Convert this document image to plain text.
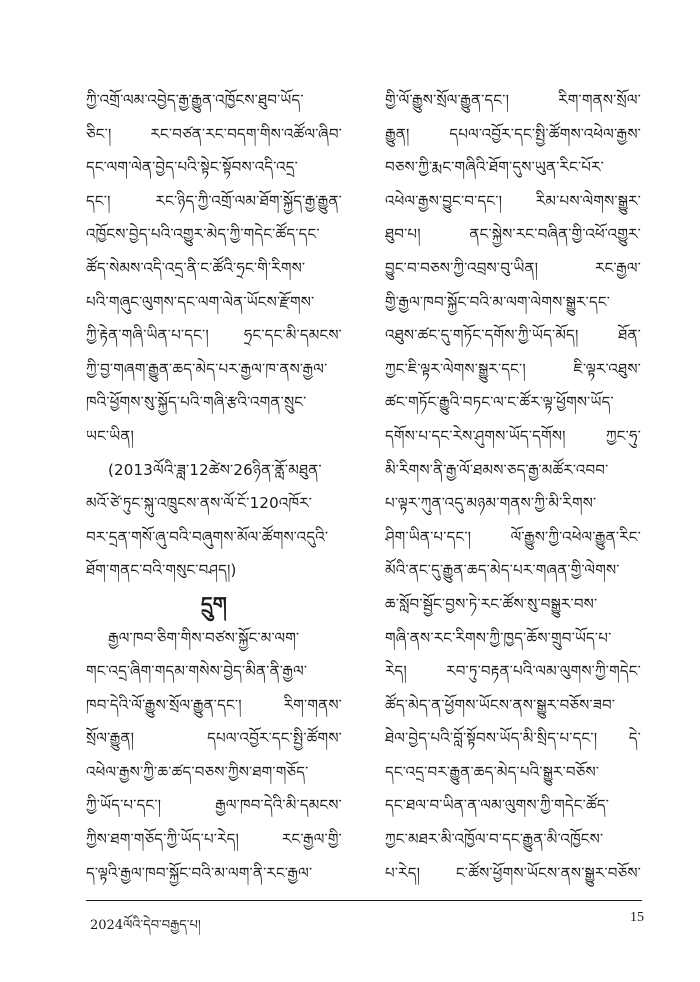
ཀྱི་འགྲོ་ལམ་འབྱེད་རྒྱ་རྒྱུན་འཁྱོངས་ཐུབ་ཡོད་
ཅིང་། རང་བཙན་རང་བདག་གིས་འཚོལ་ཞིབ་
དང་ལག་ལེན་བྱེད་པའི་སྟེང་སྟོབས་འདི་འདྲ་
དང་། རང་ཉིད་ཀྱི་འགྲོ་ལམ་ཐོག་སྐྱོད་རྒྱ་རྒྱུན་
འཁྱོངས་བྱེད་པའི་འགྱུར་མེད་ཀྱི་གདེང་ཚོད་དང་
ཚོད་སེམས་འདི་འདྲ་ནི་ང་ཚོའི་ཧྲང་གི་རིགས་
པའི་གཞུང་ལུགས་དང་ལག་ལེན་ཡོངས་རྫོགས་
ཀྱི་རྟེན་གཞི་ཡིན་པ་དང་། ཧྲང་དང་མི་དམངས་
ཀྱི་བྱ་གཞག་རྒྱུན་ཆད་མེད་པར་རྒྱལ་ཁ་ནས་རྒྱལ་
ཁའི་ཕྱོགས་སུ་སྐྱོད་པའི་གཞི་རྩའི་འགན་སྲུང་
ཡང་ཡིན།
(2013ལོའི་ཟླ་12ཚེས་26ཉིན་ནློ་མཐུན་
མའོ་ཙེ་ཏུང་སྐུ་འཁྲུངས་ནས་ལོ་ངོ་120འཁོར་
བར་དྲན་གསོ་ཞུ་བའི་བཞུགས་མོལ་ཚོགས་འདུའི་
ཐོག་གནང་བའི་གསུང་བཤད།)
དྲུག
རྒྱལ་ཁབ་ཅིག་གིས་བཙས་སྐྱོང་མ་ལག་
གང་འདྲ་ཞིག་གདམ་གསེས་བྱེད་མིན་ནི་རྒྱལ་
ཁབ་དེའི་ལོ་རྒྱུས་སྲོལ་རྒྱུན་དང་། རིག་གནས་
སྲོལ་རྒྱུན། དཔལ་འབྱོར་དང་སྤྱི་ཚོགས་
འཕེལ་རྒྱས་ཀྱི་ཆ་ཚད་བཅས་ཀྱིས་ཐག་གཅོད་
ཀྱི་ཡོད་པ་དང་། རྒྱལ་ཁབ་དེའི་མི་དམངས་
ཀྱིས་ཐག་གཅོད་ཀྱི་ཡོད་པ་རེད། རང་རྒྱལ་གྱི་
ད་ལྟའི་རྒྱལ་ཁབ་སྐྱོང་བའི་མ་ལག་ནི་རང་རྒྱལ་
གྱི་ལོ་རྒྱུས་སྲོལ་རྒྱུན་དང་། རིག་གནས་སྲོལ་
རྒྱུན། དཔལ་འབྱོར་དང་སྤྱི་ཚོགས་འཕེལ་རྒྱས་
བཅས་ཀྱི་རྨང་གཞིའི་ཐོག་དུས་ཡུན་རིང་པོར་
འཕེལ་རྒྱས་བྱུང་བ་དང་། རིམ་པས་ལེགས་སྒྱུར་
ཐུབ་པ། ནང་སྐྱེས་རང་བཞིན་གྱི་འཕོ་འགྱུར་
བྱུང་བ་བཅས་ཀྱི་འབྲས་བུ་ཡིན། རང་རྒྱལ་
གྱི་རྒྱལ་ཁབ་སྐྱོང་བའི་མ་ལག་ལེགས་སྒྱུར་དང་
འཐུས་ཚང་དུ་གཏོང་དགོས་ཀྱི་ཡོད་མོད། ཐོན་
ཀྱང་ཇི་ལྟར་ལེགས་སྒྱུར་དང་། ཇི་ལྟར་འཐུས་
ཚང་གཏོང་རྒྱུའི་བཏང་ལ་ང་ཚོར་ལྟ་ཕྱོགས་ཡོད་
དགོས་པ་དང་རེས་ཤུགས་ཡོད་དགོས། ཀྱང་ཧུ་
མི་རིགས་ནི་རྒྱ་ལོ་ཐམས་ཅད་རྒྱ་མཚོར་འབབ་
པ་ལྟར་ཀུན་འདུ་མཉམ་གནས་ཀྱི་མི་རིགས་
ཤིག་ཡིན་པ་དང་། ལོ་རྒྱུས་ཀྱི་འཕེལ་རྒྱུན་རིང་
མོའི་ནང་དུ་རྒྱུན་ཆད་མེད་པར་གཞན་གྱི་ལེགས་
ཆ་སློབ་སྦྱོང་བྱས་ཏེ་རང་ཚོས་སུ་བསྒྱུར་བས་
གཞི་ནས་རང་རིགས་ཀྱི་ཁྱད་ཆོས་གྲུབ་ཡོད་པ་
རེད། རབ་ཏུ་བརྟན་པའི་ལམ་ལུགས་ཀྱི་གདེང་
ཚོད་མེད་ན་ཕྱོགས་ཡོངས་ནས་སྒྱུར་བཅོས་ཟབ་
ཐེལ་བྱེད་པའི་བློ་སྟོབས་ཡོད་མི་སྲིད་པ་དང་། དེ་
དང་འདྲ་བར་རྒྱུན་ཆད་མེད་པའི་སྒྱུར་བཅོས་
དང་ཐལ་བ་ཡིན་ན་ལམ་ལུགས་ཀྱི་གདེང་ཚོད་
ཀྱང་མཐར་མི་འཁྱོལ་བ་དང་རྒྱུན་མི་འཁྱོངས་
པ་རེད། ང་ཚོས་ཕྱོགས་ཡོངས་ནས་སྒྱུར་བཅོས་
2024ལོའི་དེབ་བརྒྱད་པ།
15
